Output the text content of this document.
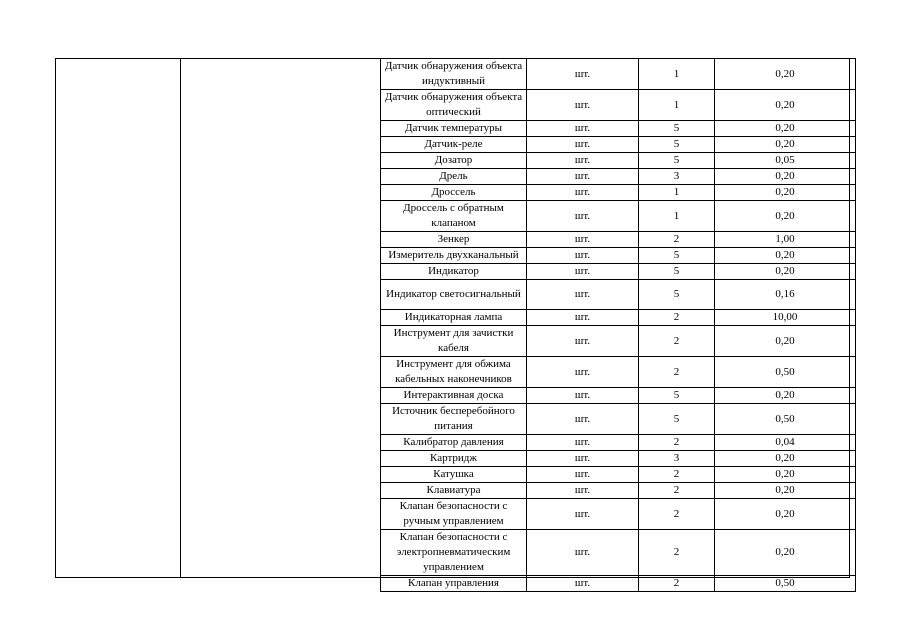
Датчик обнаружения объекта индуктивный	шт.	1	0,20
Датчик обнаружения объекта оптический	шт.	1	0,20
Датчик температуры	шт.	5	0,20
Датчик-реле	шт.	5	0,20
Дозатор	шт.	5	0,05
Дрель	шт.	3	0,20
Дроссель	шт.	1	0,20
Дроссель с обратным клапаном	шт.	1	0,20
Зенкер	шт.	2	1,00
Измеритель двухканальный	шт.	5	0,20
Индикатор	шт.	5	0,20
Индикатор светосигнальный	шт.	5	0,16
Индикаторная лампа	шт.	2	10,00
Инструмент для зачистки кабеля	шт.	2	0,20
Инструмент для обжима кабельных наконечников	шт.	2	0,50
Интерактивная доска	шт.	5	0,20
Источник бесперебойного питания	шт.	5	0,50
Калибратор давления	шт.	2	0,04
Картридж	шт.	3	0,20
Катушка	шт.	2	0,20
Клавиатура	шт.	2	0,20
Клапан безопасности с ручным управлением	шт.	2	0,20
Клапан безопасности с электропневматическим управлением	шт.	2	0,20
Клапан управления	шт.	2	0,50
